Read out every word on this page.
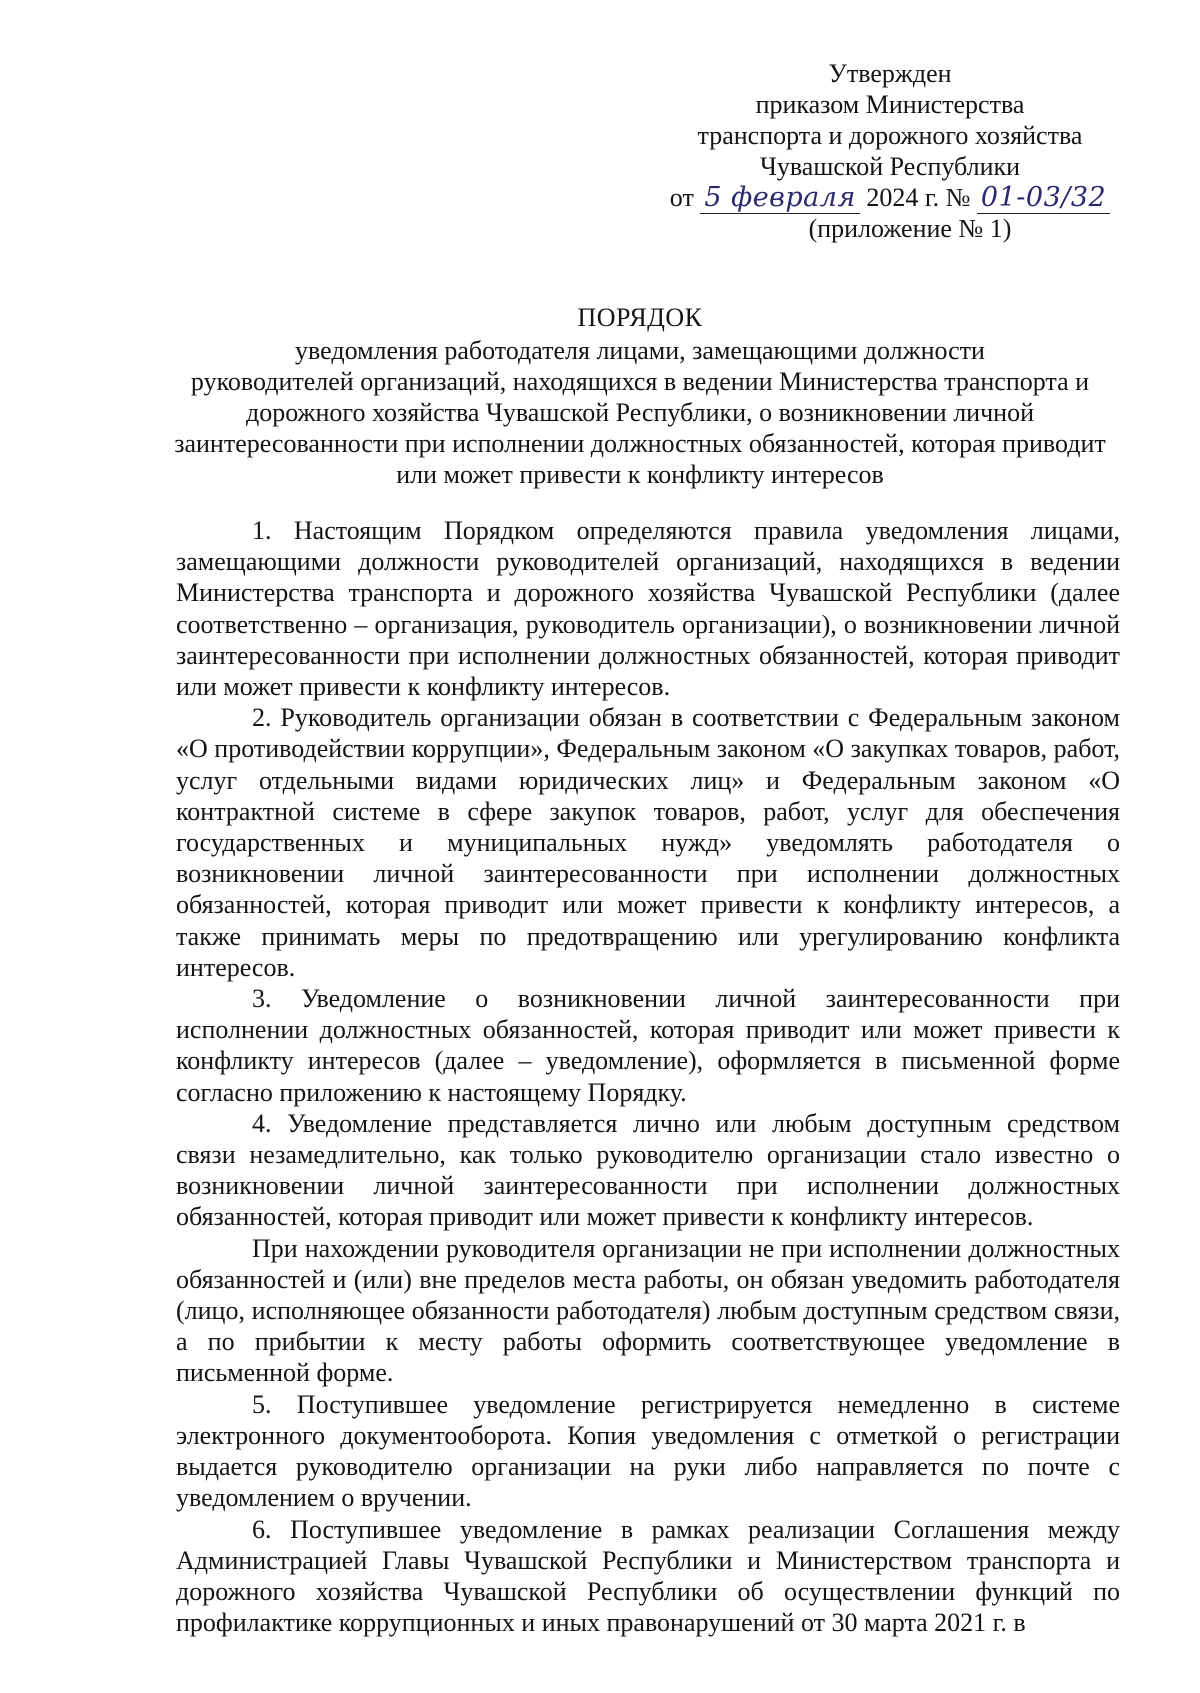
Утвержден
приказом Министерства
транспорта и дорожного хозяйства
Чувашской Республики
от 5 февраля 2024 г. № 01-03/32
(приложение № 1)
ПОРЯДОК
уведомления работодателя лицами, замещающими должности
руководителей организаций, находящихся в ведении Министерства транспорта и
дорожного хозяйства Чувашской Республики, о возникновении личной
заинтересованности при исполнении должностных обязанностей, которая приводит
или может привести к конфликту интересов

1. Настоящим Порядком определяются правила уведомления лицами, замещающими должности руководителей организаций, находящихся в ведении Министерства транспорта и дорожного хозяйства Чувашской Республики (далее соответственно – организация, руководитель организации), о возникновении личной заинтересованности при исполнении должностных обязанностей, которая приводит или может привести к конфликту интересов.

2. Руководитель организации обязан в соответствии с Федеральным законом «О противодействии коррупции», Федеральным законом «О закупках товаров, работ, услуг отдельными видами юридических лиц» и Федеральным законом «О контрактной системе в сфере закупок товаров, работ, услуг для обеспечения государственных и муниципальных нужд» уведомлять работодателя о возникновении личной заинтересованности при исполнении должностных обязанностей, которая приводит или может привести к конфликту интересов, а также принимать меры по предотвращению или урегулированию конфликта интересов.

3. Уведомление о возникновении личной заинтересованности при исполнении должностных обязанностей, которая приводит или может привести к конфликту интересов (далее – уведомление), оформляется в письменной форме согласно приложению к настоящему Порядку.

4. Уведомление представляется лично или любым доступным средством связи незамедлительно, как только руководителю организации стало известно о возникновении личной заинтересованности при исполнении должностных обязанностей, которая приводит или может привести к конфликту интересов.

При нахождении руководителя организации не при исполнении должностных обязанностей и (или) вне пределов места работы, он обязан уведомить работодателя (лицо, исполняющее обязанности работодателя) любым доступным средством связи, а по прибытии к месту работы оформить соответствующее уведомление в письменной форме.

5. Поступившее уведомление регистрируется немедленно в системе электронного документооборота. Копия уведомления с отметкой о регистрации выдается руководителю организации на руки либо направляется по почте с уведомлением о вручении.

6. Поступившее уведомление в рамках реализации Соглашения между Администрацией Главы Чувашской Республики и Министерством транспорта и дорожного хозяйства Чувашской Республики об осуществлении функций по профилактике коррупционных и иных правонарушений от 30 марта 2021 г. в
